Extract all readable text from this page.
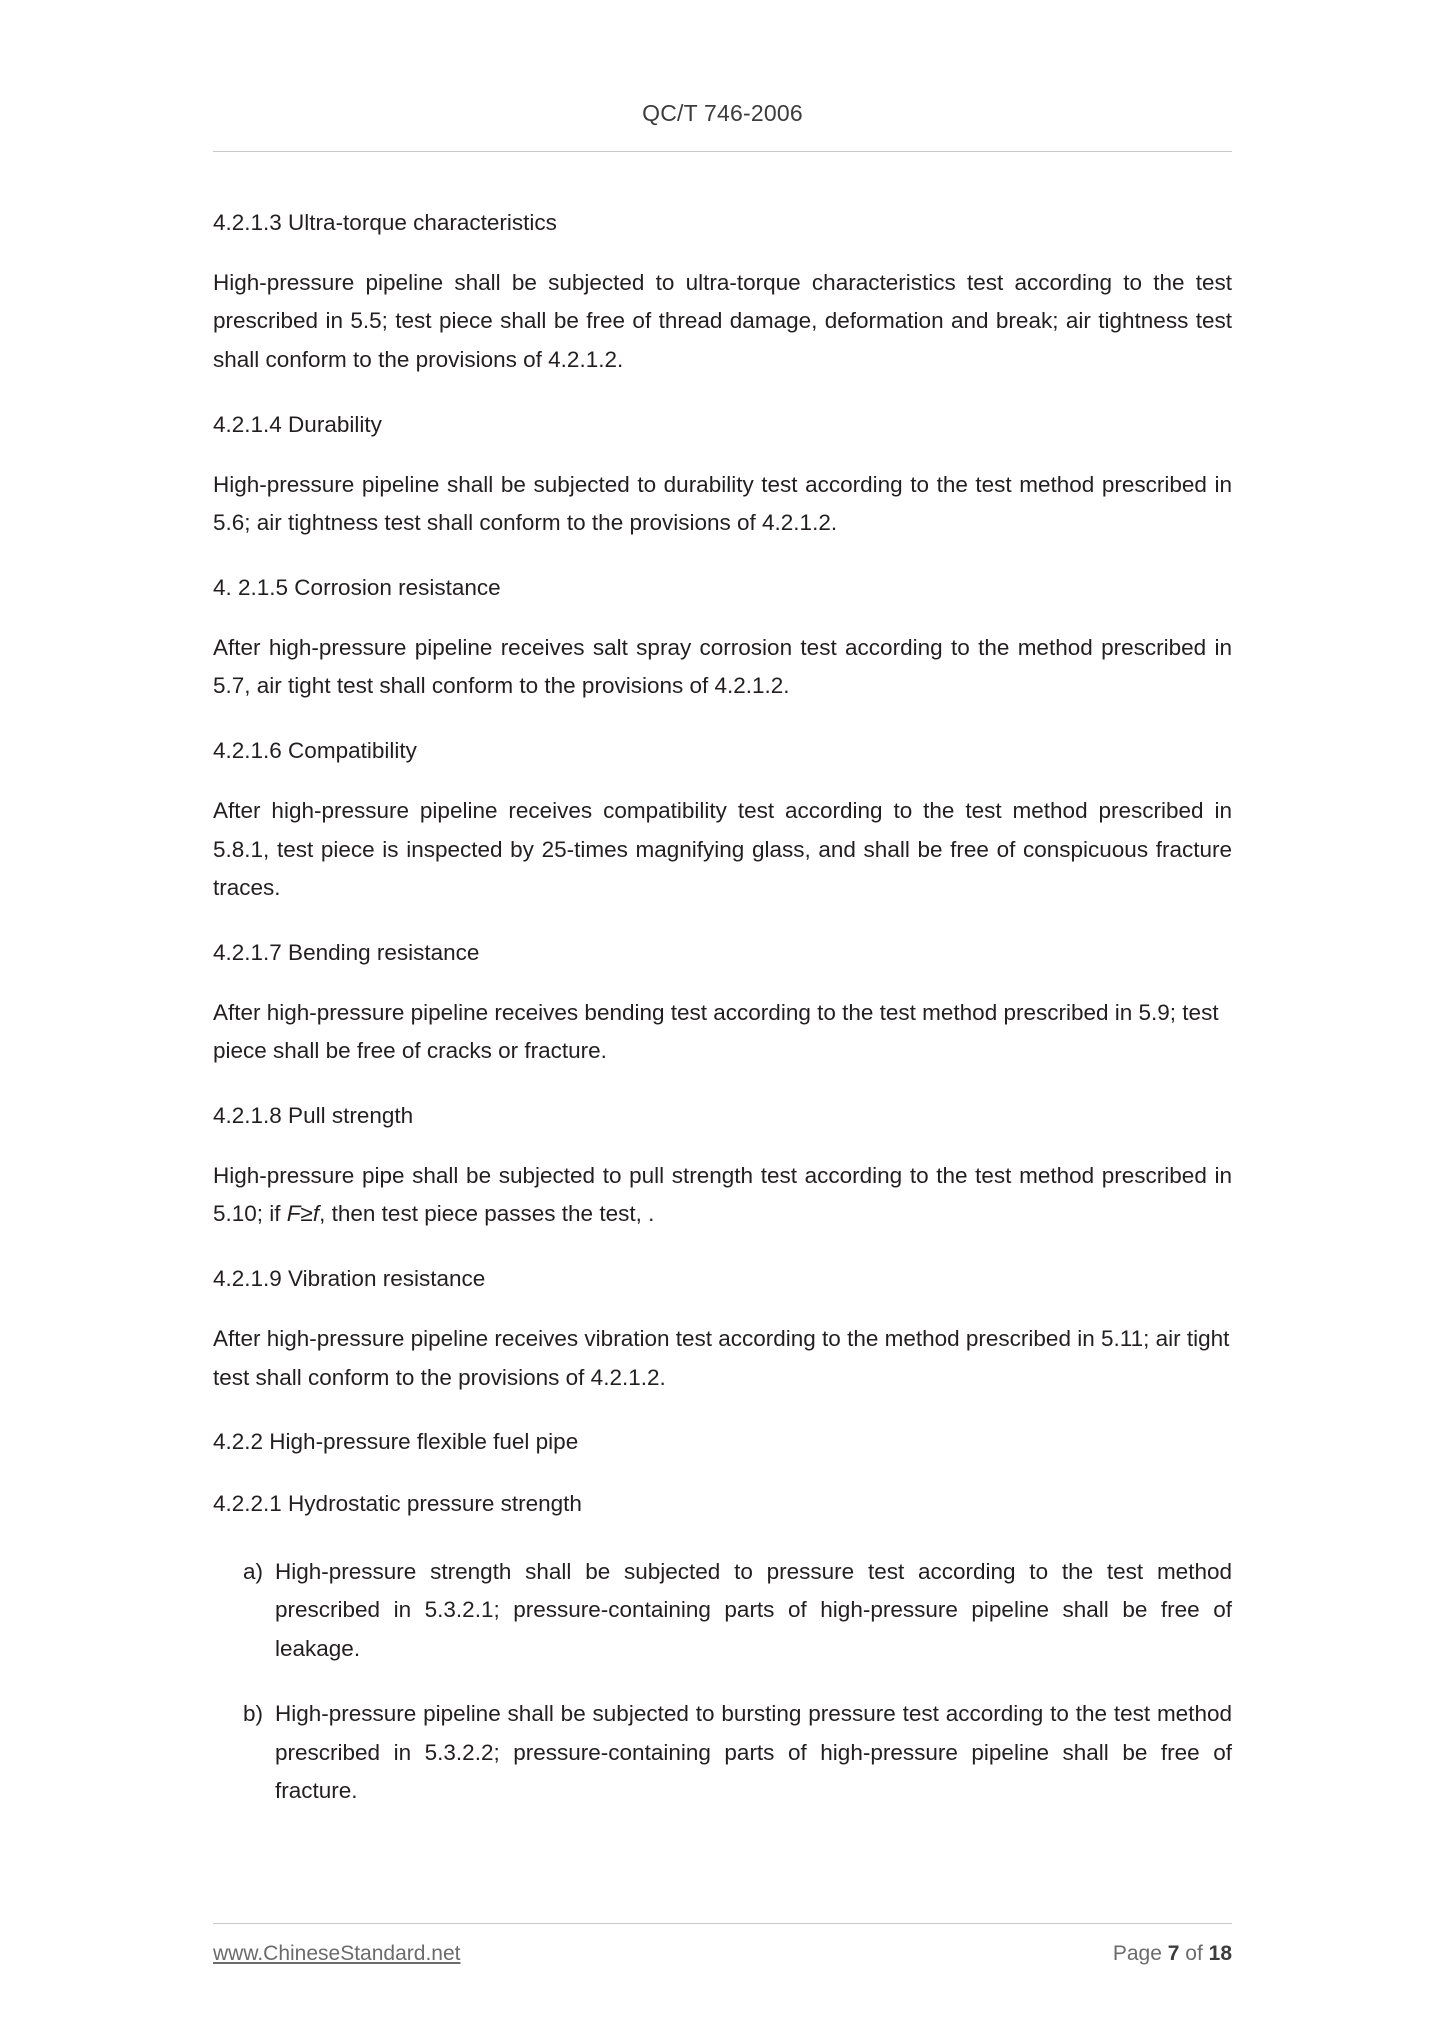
QC/T 746-2006

4.2.1.3 Ultra-torque characteristics

High-pressure pipeline shall be subjected to ultra-torque characteristics test according to the test prescribed in 5.5; test piece shall be free of thread damage, deformation and break; air tightness test shall conform to the provisions of 4.2.1.2.

4.2.1.4 Durability

High-pressure pipeline shall be subjected to durability test according to the test method prescribed in 5.6; air tightness test shall conform to the provisions of 4.2.1.2.

4. 2.1.5 Corrosion resistance

After high-pressure pipeline receives salt spray corrosion test according to the method prescribed in 5.7, air tight test shall conform to the provisions of 4.2.1.2.

4.2.1.6 Compatibility

After high-pressure pipeline receives compatibility test according to the test method prescribed in 5.8.1, test piece is inspected by 25-times magnifying glass, and shall be free of conspicuous fracture traces.

4.2.1.7 Bending resistance

After high-pressure pipeline receives bending test according to the test method prescribed in 5.9; test piece shall be free of cracks or fracture.

4.2.1.8 Pull strength

High-pressure pipe shall be subjected to pull strength test according to the test method prescribed in 5.10; if F≥f, then test piece passes the test, .

4.2.1.9 Vibration resistance

After high-pressure pipeline receives vibration test according to the method prescribed in 5.11; air tight test shall conform to the provisions of 4.2.1.2.

4.2.2 High-pressure flexible fuel pipe

4.2.2.1 Hydrostatic pressure strength

a) High-pressure strength shall be subjected to pressure test according to the test method prescribed in 5.3.2.1; pressure-containing parts of high-pressure pipeline shall be free of leakage.
b) High-pressure pipeline shall be subjected to bursting pressure test according to the test method prescribed in 5.3.2.2; pressure-containing parts of high-pressure pipeline shall be free of fracture.
www.ChineseStandard.net	Page 7 of 18
